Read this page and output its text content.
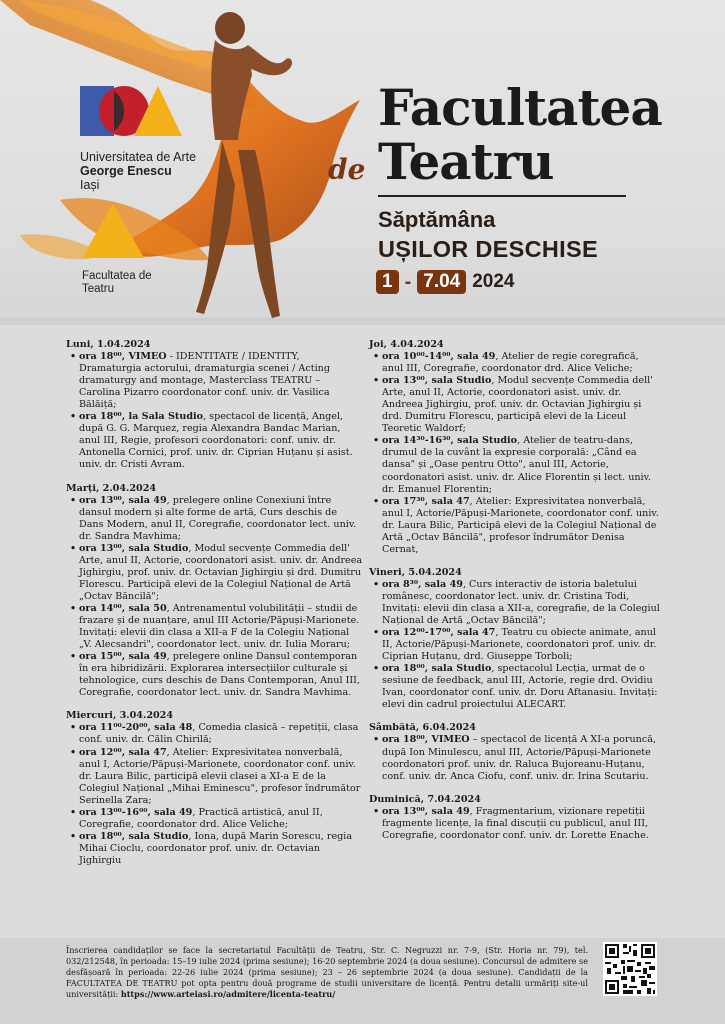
Universitatea de Arte
George Enescu
Iași
Facultatea de
Teatru
Facultatea
de Teatru
Săptămâna
UȘILOR DESCHISE
1 - 7.04 2024
Luni, 1.04.2024
• ora 18⁰⁰, VIMEO - IDENTITATE / IDENTITY, Dramaturgia actorului, dramaturgia scenei / Acting dramaturgy and montage, Masterclass TEATRU – Carolina Pizarro coordonator conf. univ. dr. Vasilica Bălăiță;
• ora 18⁰⁰, la Sala Studio, spectacol de licență, Angel, după G. G. Marquez, regia Alexandra Bandac Marian, anul III, Regie, profesori coordonatori: conf. univ. dr. Antonella Cornici, prof. univ. dr. Ciprian Huțanu și asist. univ. dr. Cristi Avram.
Marți, 2.04.2024
• ora 13⁰⁰, sala 49, prelegere online Conexiuni între dansul modern și alte forme de artă, Curs deschis de Dans Modern, anul II, Coregrafie, coordonator lect. univ. dr. Sandra Mavhima;
• ora 13⁰⁰, sala Studio, Modul secvențe Commedia dell' Arte, anul II, Actorie, coordonatori asist. univ. dr. Andreea Jighirgiu, prof. univ. dr. Octavian Jighirgiu și drd. Dumitru Florescu. Participă elevi de la Colegiul Național de Artă „Octav Băncilă";
• ora 14⁰⁰, sala 50, Antrenamentul volubilității – studii de frazare și de nuanțare, anul III Actorie/Păpuși-Marionete. Invitați: elevii din clasa a XII-a F de la Colegiu Național „V. Alecsandri", coordonator lect. univ. dr. Iulia Moraru;
• ora 15⁰⁰, sala 49, prelegere online Dansul contemporan în era hibridizării. Explorarea intersecțiilor culturale și tehnologice, curs deschis de Dans Contemporan, Anul III, Coregrafie, coordonator lect. univ. dr. Sandra Mavhima.
Miercuri, 3.04.2024
• ora 11⁰⁰-20⁰⁰, sala 48, Comedia clasică – repetiții, clasa conf. univ. dr. Călin Chirilă;
• ora 12⁰⁰, sala 47, Atelier: Expresivitatea nonverbală, anul I, Actorie/Păpuși-Marionete, coordonator conf. univ. dr. Laura Bilic, participă elevii clasei a XI-a E de la Colegiul Național „Mihai Eminescu", profesor îndrumător Serinella Zara;
• ora 13⁰⁰-16⁰⁰, sala 49, Practică artistică, anul II, Coregrafie, coordonator drd. Alice Veliche;
• ora 18⁰⁰, sala Studio, Iona, după Marin Sorescu, regia Mihai Cioclu, coordonator prof. univ. dr. Octavian Jighirgiu
Joi, 4.04.2024
• ora 10⁰⁰-14⁰⁰, sala 49, Atelier de regie coregrafică, anul III, Coregrafie, coordonator drd. Alice Veliche;
• ora 13⁰⁰, sala Studio, Modul secvențe Commedia dell' Arte, anul II, Actorie, coordonatori asist. univ. dr. Andreea Jighirgiu, prof. univ. dr. Octavian Jighirgiu și drd. Dumitru Florescu, participă elevi de la Liceul Teoretic Waldorf;
• ora 14³⁰-16³⁰, sala Studio, Atelier de teatru-dans, drumul de la cuvânt la expresie corporală: „Când ea dansa" și „Oase pentru Otto", anul III, Actorie, coordonatori asist. univ. dr. Alice Florentin și lect. univ. dr. Emanuel Florentin;
• ora 17³⁰, sala 47, Atelier: Expresivitatea nonverbală, anul I, Actorie/Păpuși-Marionete, coordonator conf. univ. dr. Laura Bilic, Participă elevi de la Colegiul Național de Artă „Octav Băncilă", profesor îndrumător Denisa Cernat,
Vineri, 5.04.2024
• ora 8³⁰, sala 49, Curs interactiv de istoria baletului românesc, coordonator lect. univ. dr. Cristina Todi, Invitați: elevii din clasa a XII-a, coregrafie, de la Colegiul Național de Artă „Octav Băncilă";
• ora 12⁰⁰-17⁰⁰, sala 47, Teatru cu obiecte animate, anul II, Actorie/Păpuși-Marionete, coordonatori prof. univ. dr. Ciprian Huțanu, drd. Giuseppe Torboli;
• ora 18⁰⁰, sala Studio, spectacolul Lecția, urmat de o sesiune de feedback, anul III, Actorie, regie drd. Ovidiu Ivan, coordonator conf. univ. dr. Doru Aftanasiu. Invitați: elevi din cadrul proiectului ALECART.
Sâmbătă, 6.04.2024
• ora 18⁰⁰, VIMEO – spectacol de licență A XI-a poruncă, după Ion Minulescu, anul III, Actorie/Păpuși-Marionete coordonatori prof. univ. dr. Raluca Bujoreanu-Huțanu, conf. univ. dr. Anca Ciofu, conf. univ. dr. Irina Scutariu.
Duminică, 7.04.2024
• ora 13⁰⁰, sala 49, Fragmentarium, vizionare repetiții fragmente licențe, la final discuții cu publicul, anul III, Coregrafie, coordonator conf. univ. dr. Lorette Enache.
Înscrierea candidaților se face la secretariatul Facultății de Teatru, Str. C. Negruzzi nr. 7-9, (Str. Horia nr. 79), tel. 032/212548, în perioada: 15–19 iulie 2024 (prima sesiune); 16-20 septembrie 2024 (a doua sesiune). Concursul de admitere se desfășoară în perioada: 22-26 iulie 2024 (prima sesiune); 23 – 26 septembrie 2024 (a doua sesiune). Candidații de la FACULTATEA DE TEATRU pot opta pentru două programe de studii universitare de licență. Pentru detalii urmăriți site-ul universității: https://www.arteiasi.ro/admitere/licenta-teatru/
